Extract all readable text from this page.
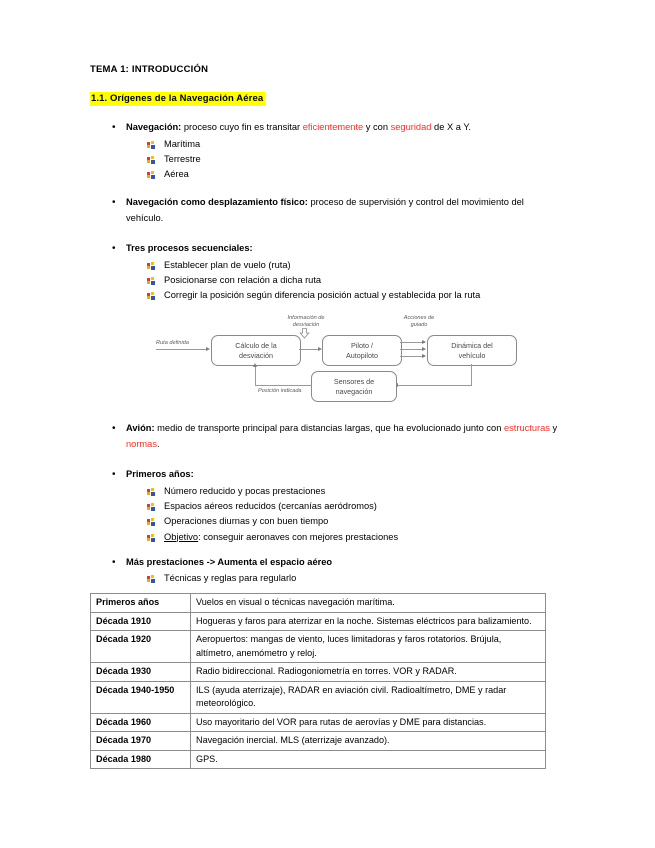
TEMA 1: INTRODUCCIÓN
1.1. Orígenes de la Navegación Aérea
• Navegación: proceso cuyo fin es transitar eficientemente y con seguridad de X a Y.
Marítima
Terrestre
Aérea
• Navegación como desplazamiento físico: proceso de supervisión y control del movimiento del vehículo.
• Tres procesos secuenciales:
Establecer plan de vuelo (ruta)
Posicionarse con relación a dicha ruta
Corregir la posición según diferencia posición actual y establecida por la ruta
Ruta definida	Cálculo de la
desviación
Información de
desviación
Piloto /
Autopiloto
Acciones de
guiado
Dinámica del
vehículo
Sensores de
navegación
Posición indicada
• Avión: medio de transporte principal para distancias largas, que ha evolucionado junto con estructuras y normas.
• Primeros años:
Número reducido y pocas prestaciones
Espacios aéreos reducidos (cercanías aeródromos)
Operaciones diurnas y con buen tiempo
Objetivo: conseguir aeronaves con mejores prestaciones
• Más prestaciones -> Aumenta el espacio aéreo
Técnicas y reglas para regularlo
Primeros años	Vuelos en visual o técnicas navegación marítima.
Década 1910	Hogueras y faros para aterrizar en la noche. Sistemas eléctricos para balizamiento.
Década 1920	Aeropuertos: mangas de viento, luces limitadoras y faros rotatorios. Brújula, altímetro, anemómetro y reloj.
Década 1930	Radio bidireccional. Radiogoniometría en torres. VOR y RADAR.
Década 1940-1950	ILS (ayuda aterrizaje), RADAR en aviación civil. Radioaltímetro, DME y radar meteorológico.
Década 1960	Uso mayoritario del VOR para rutas de aerovías y DME para distancias.
Década 1970	Navegación inercial. MLS (aterrizaje avanzado).
Década 1980	GPS.
